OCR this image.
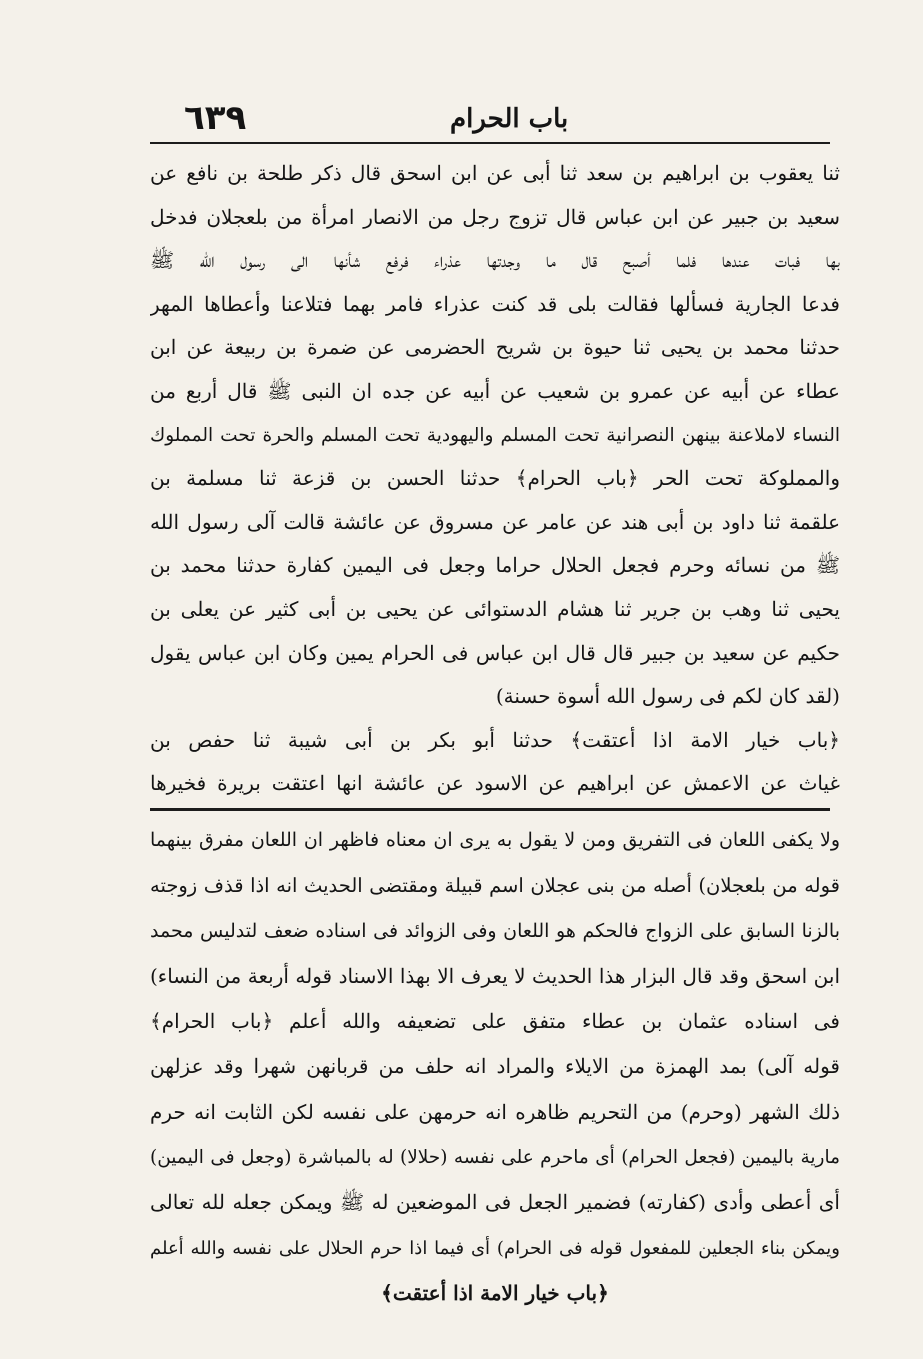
باب الحرام
٦٣٩
ثنا يعقوب بن ابراهيم بن سعد ثنا أبى عن ابن اسحق قال ذكر طلحة بن نافع عن
سعيد بن جبير عن ابن عباس قال تزوج رجل من الانصار امرأة من بلعجلان فدخل
بها فبات عندها فلما أصبح قال ما وجدتها عذراء فرفع شأنها الى رسول الله ﷺ
فدعا الجارية فسألها فقالت بلى قد كنت عذراء فامر بهما فتلاعنا وأعطاها المهر
حدثنا محمد بن يحيى ثنا حيوة بن شريح الحضرمى عن ضمرة بن ربيعة عن ابن
عطاء عن أبيه عن عمرو بن شعيب عن أبيه عن جده ان النبى ﷺ قال أربع من
النساء لاملاعنة بينهن النصرانية تحت المسلم واليهودية تحت المسلم والحرة تحت المملوك
والمملوكة تحت الحر ﴿باب الحرام﴾ حدثنا الحسن بن قزعة ثنا مسلمة بن
علقمة ثنا داود بن أبى هند عن عامر عن مسروق عن عائشة قالت آلى رسول الله
ﷺ من نسائه وحرم فجعل الحلال حراما وجعل فى اليمين كفارة حدثنا محمد بن
يحيى ثنا وهب بن جرير ثنا هشام الدستوائى عن يحيى بن أبى كثير عن يعلى بن
حكيم عن سعيد بن جبير قال قال ابن عباس فى الحرام يمين وكان ابن عباس يقول
(لقد كان لكم فى رسول الله أسوة حسنة)
﴿باب خيار الامة اذا أعتقت﴾ حدثنا أبو بكر بن أبى شيبة ثنا حفص بن
غياث عن الاعمش عن ابراهيم عن الاسود عن عائشة انها اعتقت بريرة فخيرها
ولا يكفى اللعان فى التفريق ومن لا يقول به يرى ان معناه فاظهر ان اللعان مفرق بينهما
قوله من بلعجلان) أصله من بنى عجلان اسم قبيلة ومقتضى الحديث انه اذا قذف زوجته
بالزنا السابق على الزواج فالحكم هو اللعان وفى الزوائد فى اسناده ضعف لتدليس محمد
ابن اسحق وقد قال البزار هذا الحديث لا يعرف الا بهذا الاسناد قوله أربعة من النساء)
فى اسناده عثمان بن عطاء متفق على تضعيفه والله أعلم ﴿باب الحرام﴾
قوله آلى) بمد الهمزة من الايلاء والمراد انه حلف من قربانهن شهرا وقد عزلهن
ذلك الشهر (وحرم) من التحريم ظاهره انه حرمهن على نفسه لكن الثابت انه حرم
مارية باليمين (فجعل الحرام) أى ماحرم على نفسه (حلالا) له بالمباشرة (وجعل فى اليمين)
أى أعطى وأدى (كفارته) فضمير الجعل فى الموضعين له ﷺ ويمكن جعله لله تعالى
ويمكن بناء الجعلين للمفعول قوله فى الحرام) أى فيما اذا حرم الحلال على نفسه والله أعلم
﴿باب خيار الامة اذا أعتقت﴾
